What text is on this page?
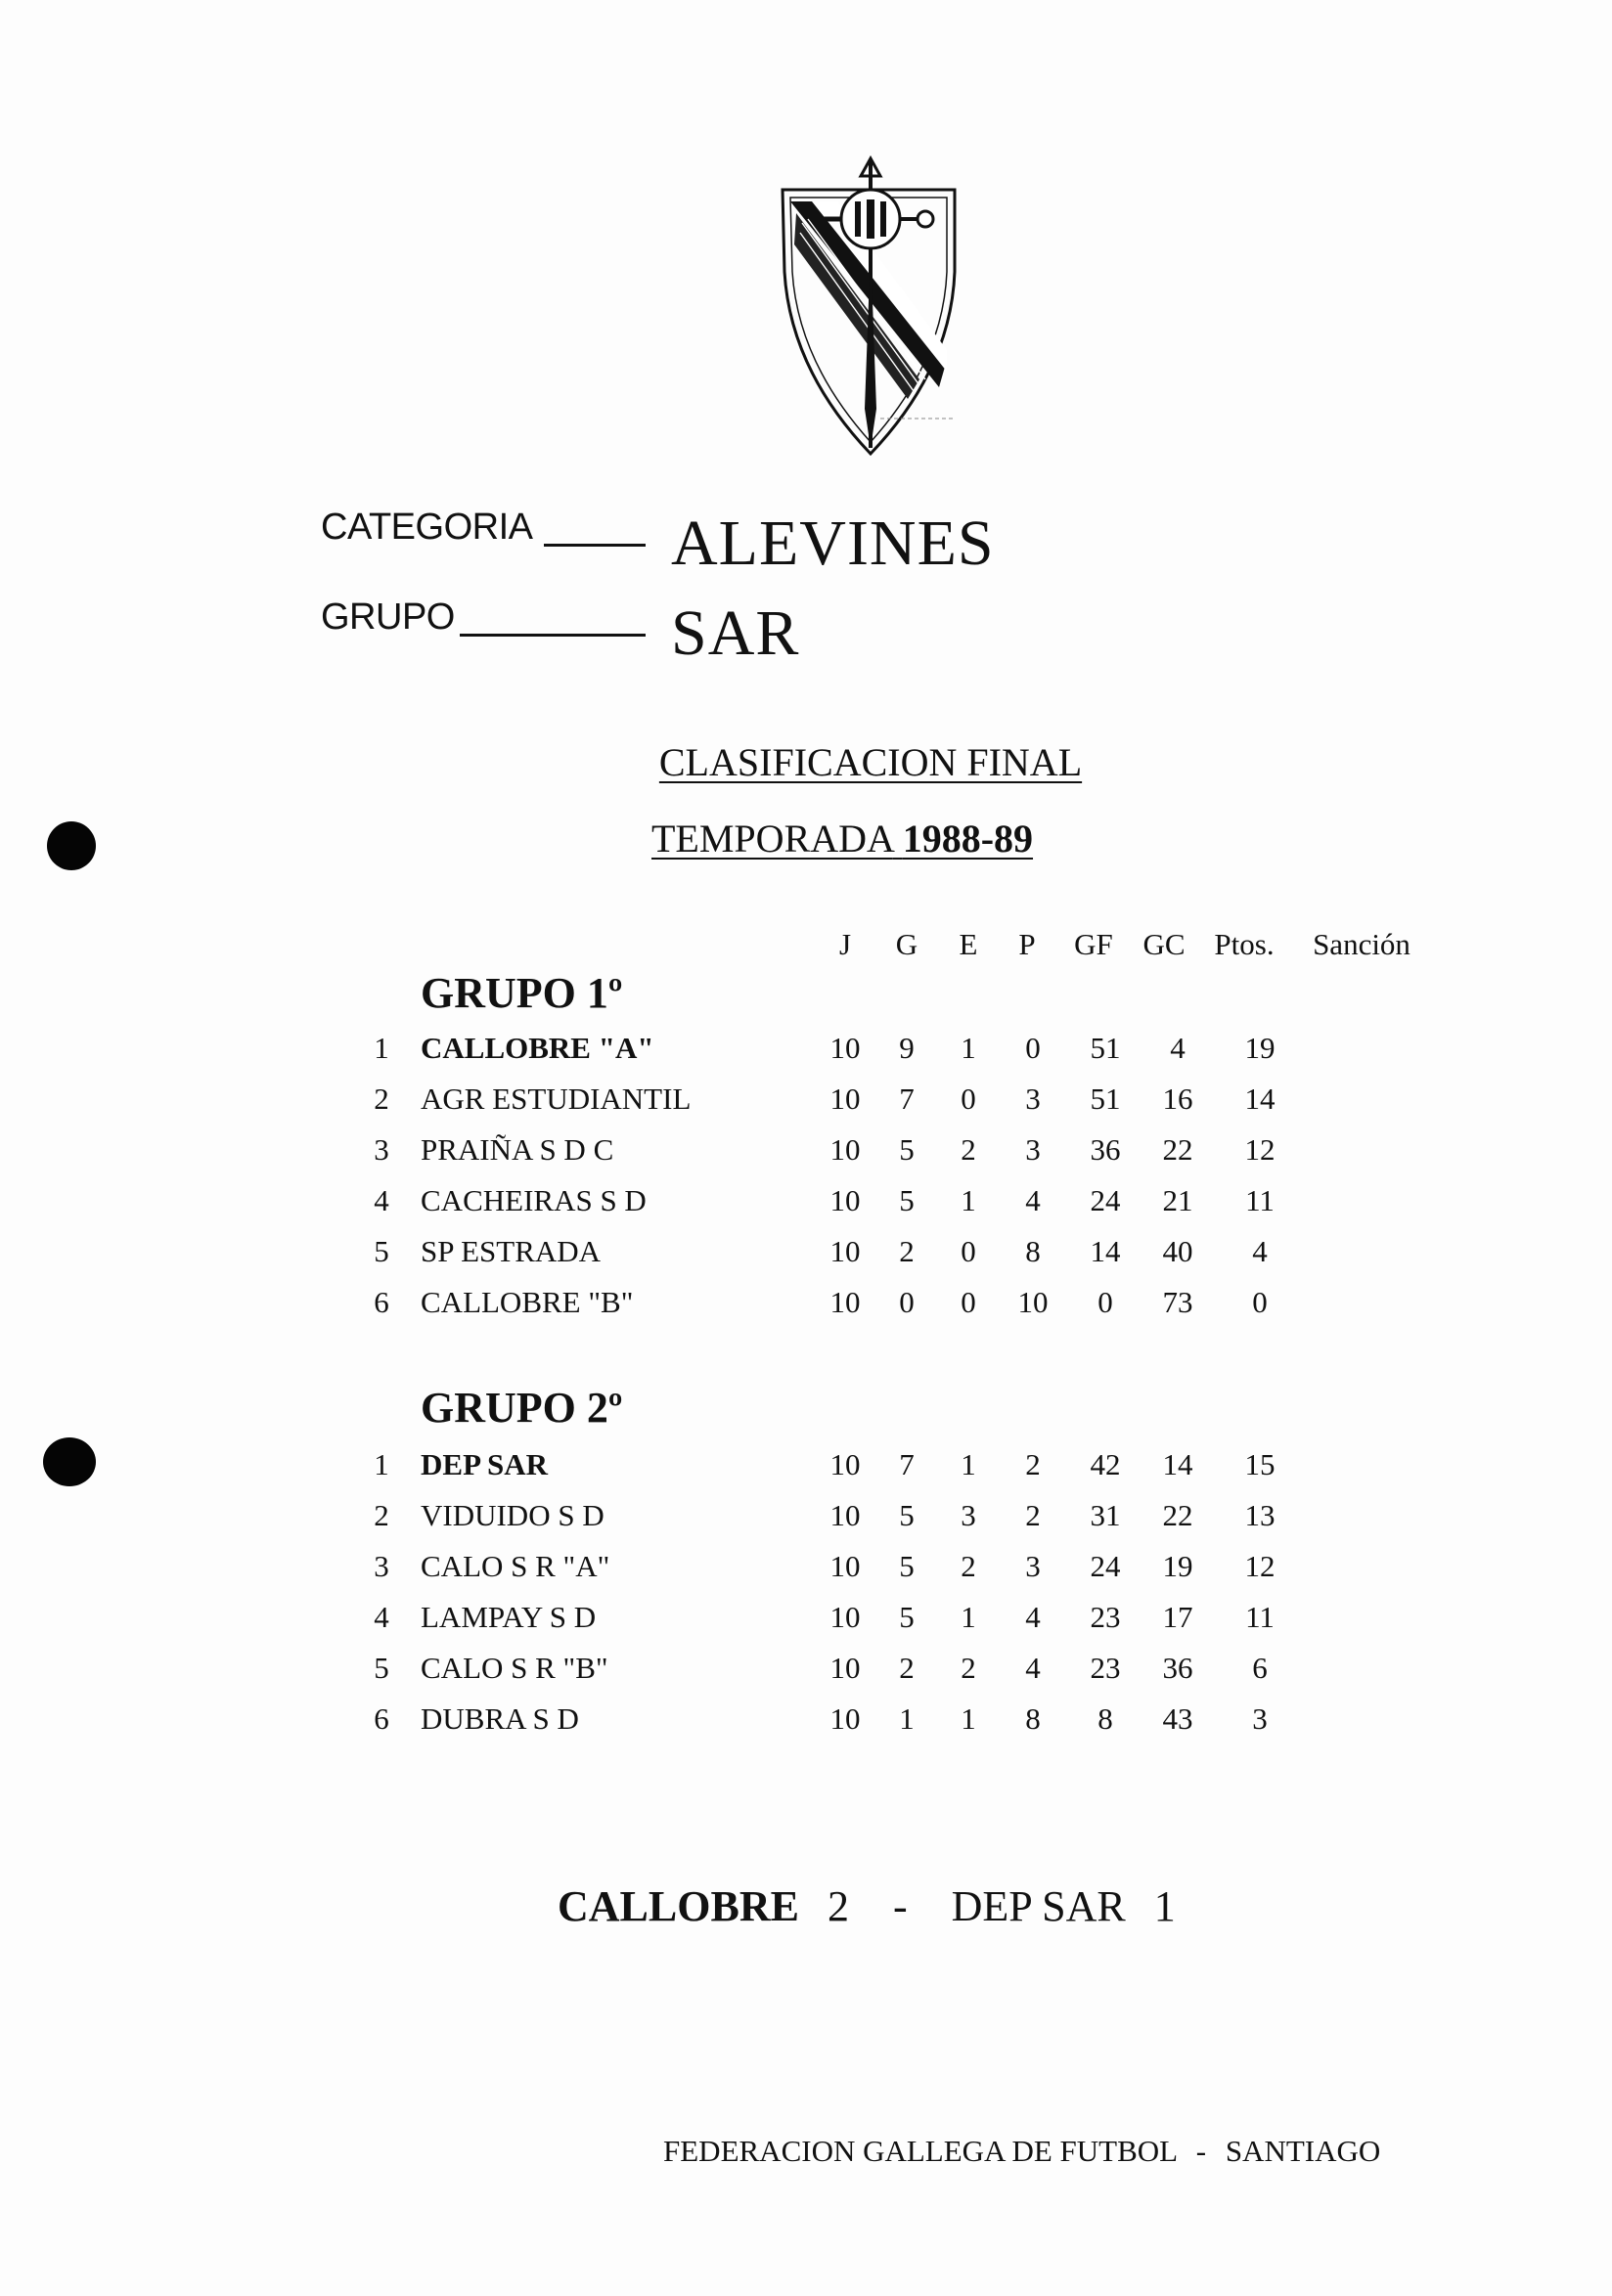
CATEGORIA ALEVINES
GRUPO	SAR
CLASIFICACION FINAL
TEMPORADA 1988-89
J	G	E	P	GF GC Ptos.	Sanción
GRUPO 1º
GRUPO 2º
1	CALLOBRE "A"	10	9	1	0	51	4	19
2	AGR ESTUDIANTIL	10	7	0	3	51	16	14
3	PRAIÑA S D C	10	5	2	3	36	22	12
4	CACHEIRAS S D	10	5	1	4	24	21	11
5	SP ESTRADA	10	2	0	8	14	40	4
6	CALLOBRE "B"	10	0	0	10	0	73	0
1	DEP SAR	10	7	1	2	42	14	15
2	VIDUIDO S D	10	5	3	2	31	22	13
3	CALO S R "A"	10	5	2	3	24	19	12
4	LAMPAY S D	10	5	1	4	23	17	11
5	CALO S R "B"	10	2	2	4	23	36	6
6	DUBRA S D	10	1	1	8	8	43	3
CALLOBRE 2 - DEP SAR 1
FEDERACION GALLEGA DE FUTBOL - SANTIAGO
